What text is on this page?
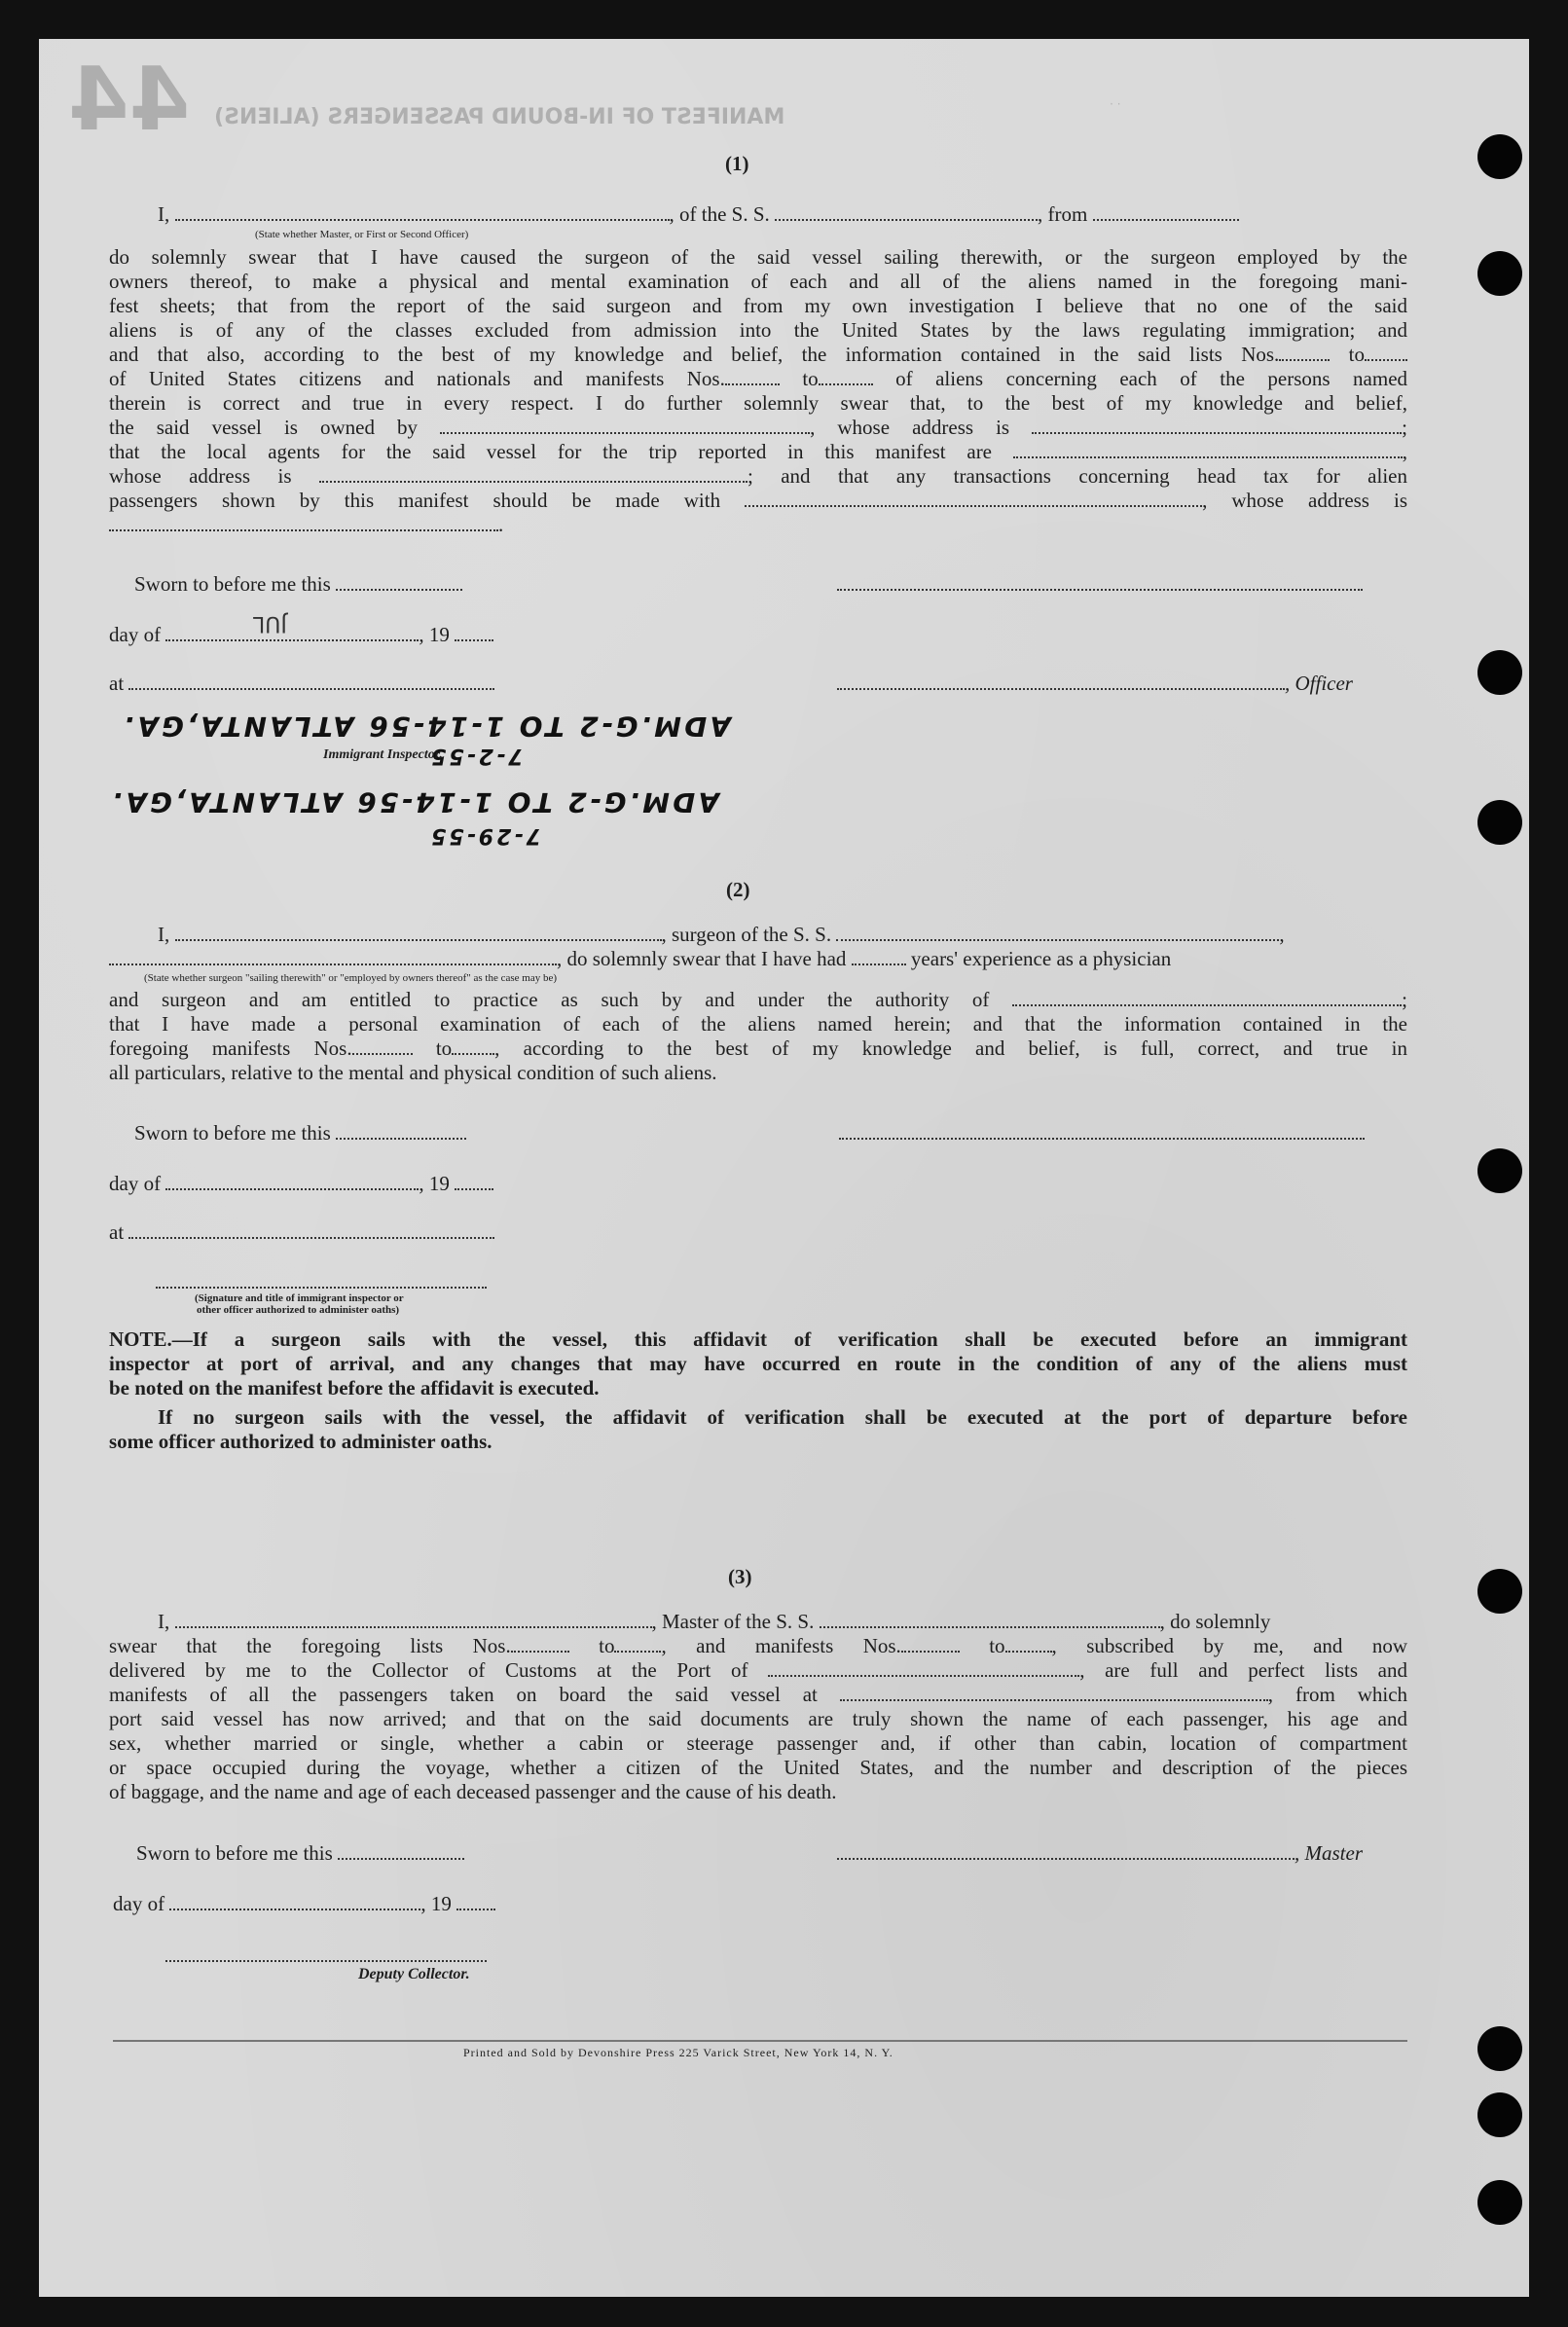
MANIFEST OF IN-BOUND PASSENGERS (ALIENS)
44	· ·
(1)
I,	, of the S. S.	, from
(State whether Master, or First or Second Officer)
do solemnly swear that I have caused the surgeon of the said vessel sailing therewith, or the surgeon employed by the
owners thereof, to make a physical and mental examination of each and all of the aliens named in the foregoing mani-
fest sheets; that from the report of the said surgeon and from my own investigation I believe that no one of the said
aliens is of any of the classes excluded from admission into the United States by the laws regulating immigration; and
and that also, according to the best of my knowledge and belief, the information contained in the said lists Nos.	to
of United States citizens and nationals and manifests Nos.	to	of aliens concerning each of the persons named
therein is correct and true in every respect. I do further solemnly swear that, to the best of my knowledge and belief,
the said vessel is owned by	, whose address is	;
that the local agents for the said vessel for the trip reported in this manifest are	,
whose address is	; and that any transactions concerning head tax for alien
passengers shown by this manifest should be made with	, whose address is
.
Sworn to before me this
day of	, 19
JUL
at	, Officer
ADM.G-2 TO 1-14-56 ATLANTA,GA.
7-2-55
Immigrant Inspector.
ADM.G-2 TO 1-14-56 ATLANTA,GA.
7-29-55
(2)
I,	, surgeon of the S. S.	,
, do solemnly swear that I have had	years' experience as a physician
(State whether surgeon "sailing therewith" or "employed by owners thereof" as the case may be)
and surgeon and am entitled to practice as such by and under the authority of	;
that I have made a personal examination of each of the aliens named herein; and that the information contained in the
foregoing manifests Nos.	to , according to the best of my knowledge and belief, is full, correct, and true in
all particulars, relative to the mental and physical condition of such aliens.
Sworn to before me this
day of	, 19
at
(Signature and title of immigrant inspector or
other officer authorized to administer oaths)
NOTE.—If a surgeon sails with the vessel, this affidavit of verification shall be executed before an immigrant
inspector at port of arrival, and any changes that may have occurred en route in the condition of any of the aliens must
be noted on the manifest before the affidavit is executed.
If no surgeon sails with the vessel, the affidavit of verification shall be executed at the port of departure before
some officer authorized to administer oaths.
(3)
I,	, Master of the S. S.	, do solemnly
swear that the foregoing lists Nos.	to , and manifests Nos.	to , subscribed by me, and now
delivered by me to the Collector of Customs at the Port of	, are full and perfect lists and
manifests of all the passengers taken on board the said vessel at	, from which
port said vessel has now arrived; and that on the said documents are truly shown the name of each passenger, his age and
sex, whether married or single, whether a cabin or steerage passenger and, if other than cabin, location of compartment
or space occupied during the voyage, whether a citizen of the United States, and the number and description of the pieces
of baggage, and the name and age of each deceased passenger and the cause of his death.
Sworn to before me this	, Master
day of	, 19
Deputy Collector.
Printed and Sold by Devonshire Press 225 Varick Street, New York 14, N. Y.
